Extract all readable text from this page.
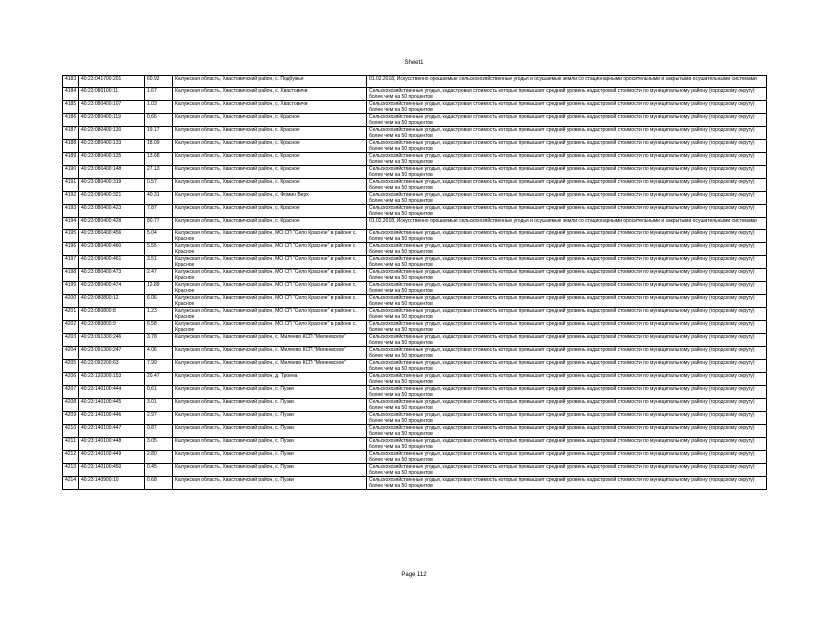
Sheet1
4183	40:23:041700:201	60.92	Калужская область, Хвастовичский район, с. Подбужье	01.02.2018, Искусственно орошаемые сельскохозяйственные угодья и осушаемые земли со стационарными оросительными и закрытыми осушительными системами
4184	40:23:080100:11	1.67	Калужская область, Хвастовичский район, с. Хвастовичи	Сельскохозяйственные угодья, кадастровая стоимость которых превышает средний уровень кадастровой стоимости по муниципальному району (городскому округу) более чем на 50 процентов
4185	40:23:080400:107	1.03	Калужская область, Хвастовичский район, с. Хвастовичи	Сельскохозяйственные угодья, кадастровая стоимость которых превышает средний уровень кадастровой стоимости по муниципальному району (городскому округу) более чем на 50 процентов
4186	40:23:080400:119	0.66	Калужская область, Хвастовичский район, с. Красное	Сельскохозяйственные угодья, кадастровая стоимость которых превышает средний уровень кадастровой стоимости по муниципальному району (городскому округу) более чем на 50 процентов
4187	40:23:080400:130	19.17	Калужская область, Хвастовичский район, с. Красное	Сельскохозяйственные угодья, кадастровая стоимость которых превышает средний уровень кадастровой стоимости по муниципальному району (городскому округу) более чем на 50 процентов
4188	40:23:080400:133	18.09	Калужская область, Хвастовичский район, с. Красное	Сельскохозяйственные угодья, кадастровая стоимость которых превышает средний уровень кадастровой стоимости по муниципальному району (городскому округу) более чем на 50 процентов
4189	40:23:080400:135	13.68	Калужская область, Хвастовичский район, с. Красное	Сельскохозяйственные угодья, кадастровая стоимость которых превышает средний уровень кадастровой стоимости по муниципальному району (городскому округу) более чем на 50 процентов
4190	40:23:080400:148	27.13	Калужская область, Хвастовичский район, с. Красное	Сельскохозяйственные угодья, кадастровая стоимость которых превышает средний уровень кадастровой стоимости по муниципальному району (городскому округу) более чем на 50 процентов
4191	40:23:080400:319	0.57	Калужская область, Хвастовичский район, с. Красное	Сельскохозяйственные угодья, кадастровая стоимость которых превышает средний уровень кадастровой стоимости по муниципальному району (городскому округу) более чем на 50 процентов
4192	40:23:080400:321	40.31	Калужская область, Хвастовичский район, с. Фомин Верх	Сельскохозяйственные угодья, кадастровая стоимость которых превышает средний уровень кадастровой стоимости по муниципальному району (городскому округу) более чем на 50 процентов
4193	40:23:080400:423	7.87	Калужская область, Хвастовичский район, с. Красное	Сельскохозяйственные угодья, кадастровая стоимость которых превышает средний уровень кадастровой стоимости по муниципальному району (городскому округу) более чем на 50 процентов
4194	40:23:080400:428	80.77	Калужская область, Хвастовичский район, с. Красное	01.02.2018, Искусственно орошаемые сельскохозяйственные угодья и осушаемые земли со стационарными оросительными и закрытыми осушительными системами
4195	40:23:080400:456	5.04	Калужская область, Хвастовичский район, МО СП "Село Красное" в районе с. Красное	Сельскохозяйственные угодья, кадастровая стоимость которых превышает средний уровень кадастровой стоимости по муниципальному району (городскому округу) более чем на 50 процентов
4196	40:23:080400:460	5.55	Калужская область, Хвастовичский район, МО СП "Село Красное" в районе с. Красное	Сельскохозяйственные угодья, кадастровая стоимость которых превышает средний уровень кадастровой стоимости по муниципальному району (городскому округу) более чем на 50 процентов
4197	40:23:080400:461	3.51	Калужская область, Хвастовичский район, МО СП "Село Красное" в районе с. Красное	Сельскохозяйственные угодья, кадастровая стоимость которых превышает средний уровень кадастровой стоимости по муниципальному району (городскому округу) более чем на 50 процентов
4198	40:23:080400:473	2.47	Калужская область, Хвастовичский район, МО СП "Село Красное" в районе с. Красное	Сельскохозяйственные угодья, кадастровая стоимость которых превышает средний уровень кадастровой стоимости по муниципальному району (городскому округу) более чем на 50 процентов
4199	40:23:080400:474	12.89	Калужская область, Хвастовичский район, МО СП "Село Красное" в районе с. Красное	Сельскохозяйственные угодья, кадастровая стоимость которых превышает средний уровень кадастровой стоимости по муниципальному району (городскому округу) более чем на 50 процентов
4200	40:23:080800:12	6.06	Калужская область, Хвастовичский район, МО СП "Село Красное" в районе с. Красное	Сельскохозяйственные угодья, кадастровая стоимость которых превышает средний уровень кадастровой стоимости по муниципальному району (городскому округу) более чем на 50 процентов
4201	40:23:080800:8	1.23	Калужская область, Хвастовичский район, МО СП "Село Красное" в районе с. Красное	Сельскохозяйственные угодья, кадастровая стоимость которых превышает средний уровень кадастровой стоимости по муниципальному району (городскому округу) более чем на 50 процентов
4202	40:23:080800:9	6.58	Калужская область, Хвастовичский район, МО СП "Село Красное" в районе с. Красное	Сельскохозяйственные угодья, кадастровая стоимость которых превышает средний уровень кадастровой стоимости по муниципальному району (городскому округу) более чем на 50 процентов
4203	40:23:091300:246	3.78	Калужская область, Хвастовичский район, с. Милеево КСП "Милеевское"	Сельскохозяйственные угодья, кадастровая стоимость которых превышает средний уровень кадастровой стоимости по муниципальному району (городскому округу) более чем на 50 процентов
4204	40:23:091300:247	4.06	Калужская область, Хвастовичский район, с. Милеево КСП "Милеевское"	Сельскохозяйственные угодья, кадастровая стоимость которых превышает средний уровень кадастровой стоимости по муниципальному району (городскому округу) более чем на 50 процентов
4205	40:23:092200:63	7.99	Калужская область, Хвастовичский район, с. Милеево КСП "Милеевское"	Сельскохозяйственные угодья, кадастровая стоимость которых превышает средний уровень кадастровой стоимости по муниципальному району (городскому округу) более чем на 50 процентов
4206	40:23:120300:153	20.47	Калужская область, Хвастовичский район, д. Троена	Сельскохозяйственные угодья, кадастровая стоимость которых превышает средний уровень кадастровой стоимости по муниципальному району (городскому округу) более чем на 50 процентов
4207	40:23:140100:444	0.61	Калужская область, Хвастовичский район, с. Пузки	Сельскохозяйственные угодья, кадастровая стоимость которых превышает средний уровень кадастровой стоимости по муниципальному району (городскому округу) более чем на 50 процентов
4208	40:23:140100:445	3.01	Калужская область, Хвастовичский район, с. Пузки	Сельскохозяйственные угодья, кадастровая стоимость которых превышает средний уровень кадастровой стоимости по муниципальному району (городскому округу) более чем на 50 процентов
4209	40:23:140100:446	2.97	Калужская область, Хвастовичский район, с. Пузки	Сельскохозяйственные угодья, кадастровая стоимость которых превышает средний уровень кадастровой стоимости по муниципальному району (городскому округу) более чем на 50 процентов
4210	40:23:140100:447	0.87	Калужская область, Хвастовичский район, с. Пузки	Сельскохозяйственные угодья, кадастровая стоимость которых превышает средний уровень кадастровой стоимости по муниципальному району (городскому округу) более чем на 50 процентов
4211	40:23:140100:448	3.05	Калужская область, Хвастовичский район, с. Пузки	Сельскохозяйственные угодья, кадастровая стоимость которых превышает средний уровень кадастровой стоимости по муниципальному району (городскому округу) более чем на 50 процентов
4212	40:23:140100:449	2.80	Калужская область, Хвастовичский район, с. Пузки	Сельскохозяйственные угодья, кадастровая стоимость которых превышает средний уровень кадастровой стоимости по муниципальному району (городскому округу) более чем на 50 процентов
4213	40:23:140100:450	0.45	Калужская область, Хвастовичский район, с. Пузки	Сельскохозяйственные угодья, кадастровая стоимость которых превышает средний уровень кадастровой стоимости по муниципальному району (городскому округу) более чем на 50 процентов
4214	40:23:140900:10	0.68	Калужская область, Хвастовичский район, с. Пузки	Сельскохозяйственные угодья, кадастровая стоимость которых превышает средний уровень кадастровой стоимости по муниципальному району (городскому округу) более чем на 50 процентов
Page 112
